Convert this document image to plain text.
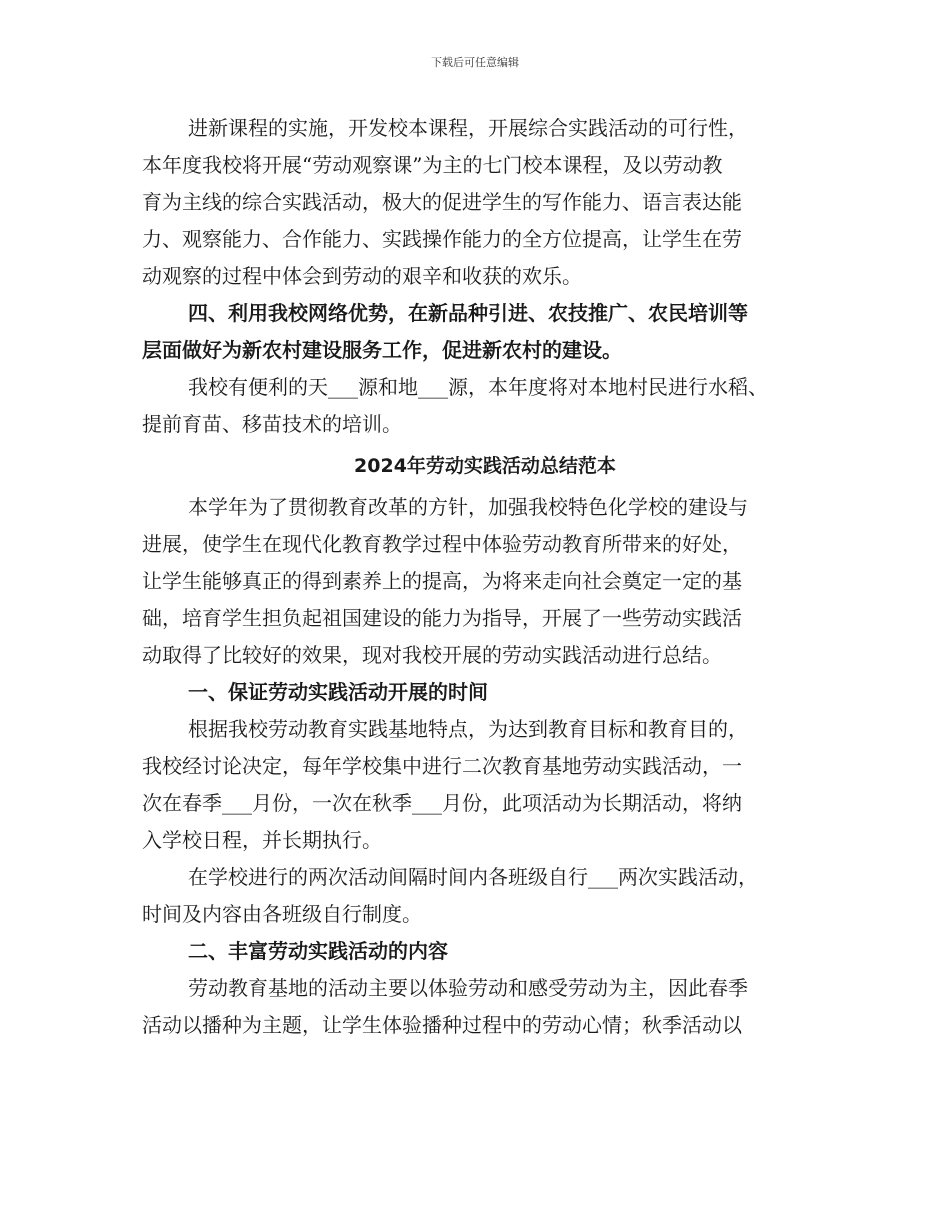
下载后可任意编辑
进新课程的实施，开发校本课程，开展综合实践活动的可行性，
本年度我校将开展“劳动观察课”为主的七门校本课程，及以劳动教
育为主线的综合实践活动，极大的促进学生的写作能力、语言表达能
力、观察能力、合作能力、实践操作能力的全方位提高，让学生在劳
动观察的过程中体会到劳动的艰辛和收获的欢乐。
四、利用我校网络优势，在新品种引进、农技推广、农民培训等
层面做好为新农村建设服务工作，促进新农村的建设。
我校有便利的天___源和地___源，本年度将对本地村民进行水稻、
提前育苗、移苗技术的培训。
2024年劳动实践活动总结范本
本学年为了贯彻教育改革的方针，加强我校特色化学校的建设与
进展，使学生在现代化教育教学过程中体验劳动教育所带来的好处，
让学生能够真正的得到素养上的提高，为将来走向社会奠定一定的基
础，培育学生担负起祖国建设的能力为指导，开展了一些劳动实践活
动取得了比较好的效果，现对我校开展的劳动实践活动进行总结。
一、保证劳动实践活动开展的时间
根据我校劳动教育实践基地特点，为达到教育目标和教育目的，
我校经讨论决定，每年学校集中进行二次教育基地劳动实践活动，一
次在春季___月份，一次在秋季___月份，此项活动为长期活动，将纳
入学校日程，并长期执行。
在学校进行的两次活动间隔时间内各班级自行___两次实践活动，
时间及内容由各班级自行制度。
二、丰富劳动实践活动的内容
劳动教育基地的活动主要以体验劳动和感受劳动为主，因此春季
活动以播种为主题，让学生体验播种过程中的劳动心情；秋季活动以
